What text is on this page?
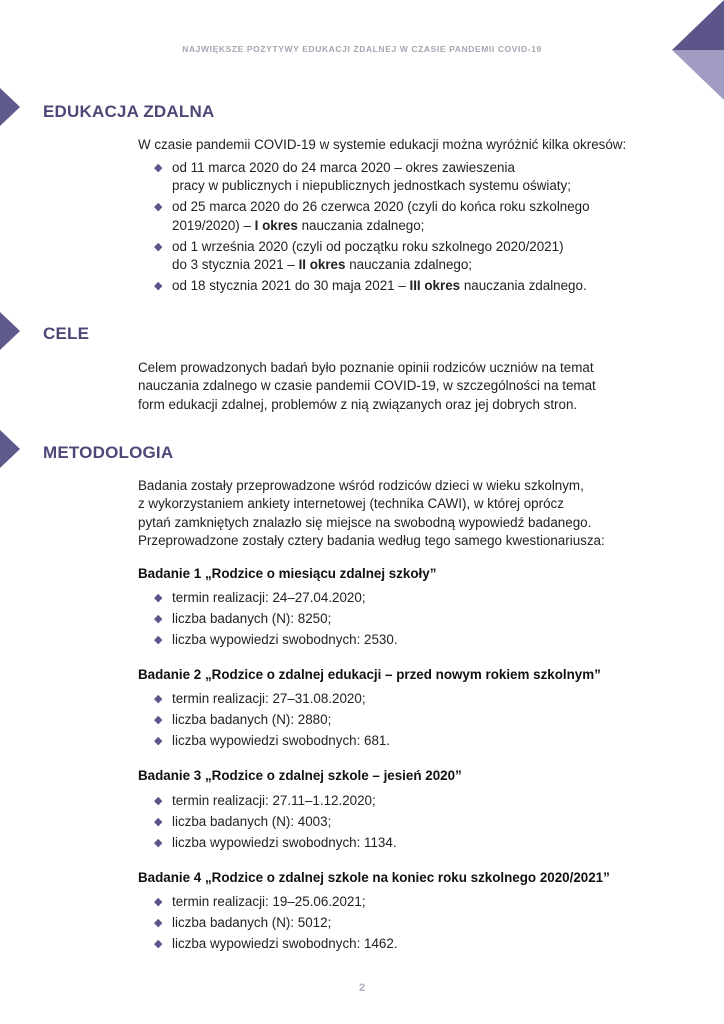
NAJWIĘKSZE POZYTYWY EDUKACJI ZDALNEJ W CZASIE PANDEMII COVID-19
EDUKACJA ZDALNA

W czasie pandemii COVID-19 w systemie edukacji można wyróżnić kilka okresów:

◆ od 11 marca 2020 do 24 marca 2020 – okres zawieszenia
pracy w publicznych i niepublicznych jednostkach systemu oświaty;
◆ od 25 marca 2020 do 26 czerwca 2020 (czyli do końca roku szkolnego
2019/2020) – I okres nauczania zdalnego;
◆ od 1 września 2020 (czyli od początku roku szkolnego 2020/2021)
do 3 stycznia 2021 – II okres nauczania zdalnego;
◆ od 18 stycznia 2021 do 30 maja 2021 – III okres nauczania zdalnego.
CELE

Celem prowadzonych badań było poznanie opinii rodziców uczniów na temat
nauczania zdalnego w czasie pandemii COVID-19, w szczególności na temat
form edukacji zdalnej, problemów z nią związanych oraz jej dobrych stron.

METODOLOGIA

Badania zostały przeprowadzone wśród rodziców dzieci w wieku szkolnym,
z wykorzystaniem ankiety internetowej (technika CAWI), w której oprócz
pytań zamkniętych znalazło się miejsce na swobodną wypowiedź badanego.
Przeprowadzone zostały cztery badania według tego samego kwestionariusza:

Badanie 1 „Rodzice o miesiącu zdalnej szkoły”
◆ termin realizacji: 24–27.04.2020;
◆ liczba badanych (N): 8250;
◆ liczba wypowiedzi swobodnych: 2530.
Badanie 2 „Rodzice o zdalnej edukacji – przed nowym rokiem szkolnym”
◆ termin realizacji: 27–31.08.2020;
◆ liczba badanych (N): 2880;
◆ liczba wypowiedzi swobodnych: 681.
Badanie 3 „Rodzice o zdalnej szkole – jesień 2020”
◆ termin realizacji: 27.11–1.12.2020;
◆ liczba badanych (N): 4003;
◆ liczba wypowiedzi swobodnych: 1134.
Badanie 4 „Rodzice o zdalnej szkole na koniec roku szkolnego 2020/2021”
◆ termin realizacji: 19–25.06.2021;
◆ liczba badanych (N): 5012;
◆ liczba wypowiedzi swobodnych: 1462.
2
